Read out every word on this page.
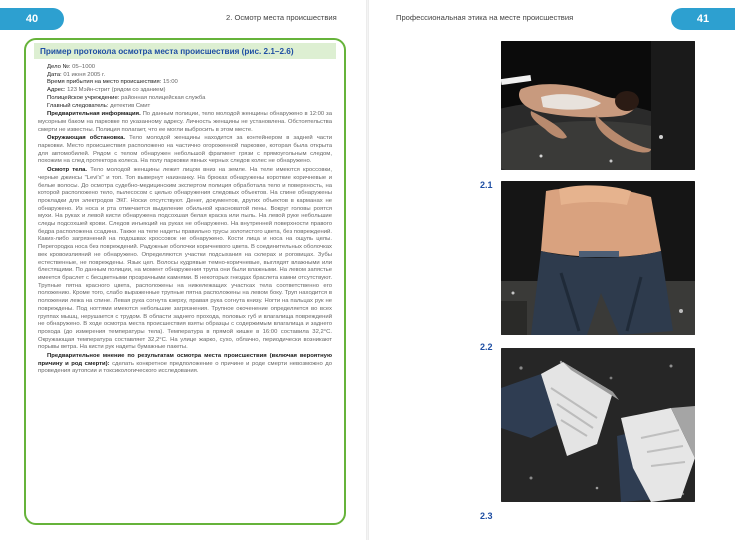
40	2. Осмотр места происшествия
Пример протокола осмотра места происшествия (рис. 2.1–2.6)

Дело №: 05–1000

Дата: 01 июня 2005 г.

Время прибытия на место происшествия: 15:00

Адрес: 123 Мэйн-стрит (рядом со зданием)

Полицейское учреждение: районная полицейская служба

Главный следователь: детектив Смит

Предварительная информация. По данным полиции, тело молодой женщины обнаружено в 12:00 за мусорным баком на парковке по указанному адресу. Личность женщины не установлена. Обстоятельства смерти не известны. Полиция полагает, что ее могли выбросить в этом месте.

Окружающая обстановка. Тело молодой женщины находится за контейнером в задней части парковки. Место происшествия расположено на частично огороженной парковке, которая была открыта для автомобилей. Рядом с телом обнаружен небольшой фрагмент грязи с прямоугольным следом, похожим на след протектора колеса. На полу парковки явных черных следов колес не обнаружено.

Осмотр тела. Тело молодой женщины лежит лицом вниз на земле. На теле имеются кроссовки, черные джинсы "Levi's" и топ. Топ вывернут наизнанку. На брюках обнаружены короткие коричневые и белые волосы. До осмотра судебно-медицинским экспертом полиция обработала тело и поверхность, на которой расположено тело, пылесосом с целью обнаружения следовых объектов. На спине обнаружены прокладки для электродов ЭКГ. Носки отсутствуют. Денег, документов, других объектов в карманах не обнаружено. Из носа и рта отмечается выделение обильной красноватой пены. Вокруг головы роятся мухи. На руках и левой кисти обнаружена подсохшая белая краска или пыль. На левой руке небольшие следы подсохшей крови. Следов инъекций на руках не обнаружено. На внутренней поверхности правого бедра расположена ссадина. Также на теле надеты правильно трусы золотистого цвета, без повреждений. Каких-либо загрязнений на подошвах кроссовок не обнаружено. Кости лица и носа на ощупь целы. Перегородка носа без повреждений. Радужные оболочки коричневого цвета. В соединительных оболочках век кровоизлияний не обнаружено. Определяются участки подсыхания на склерах и роговицах. Зубы естественные, не повреждены. Язык цел. Волосы кудрявые темно-коричневые, выглядят влажными или блестящими. По данным полиции, на момент обнаружения трупа они были влажными. На левом запястье имеется браслет с бесцветными прозрачными камнями. В некоторых гнездах браслета камни отсутствуют. Трупные пятна красного цвета, расположены на нижележащих участках тела соответственно его положению. Кроме того, слабо выраженные трупные пятна расположены на левом боку. Труп находится в положении лежа на спине. Левая рука согнута кзерху, правая рука согнута книзу. Ногти на пальцах рук не повреждены. Под ногтями имеются небольшие загрязнения. Трупное окоченение определяется во всех группах мышц, нерушается с трудом. В области заднего прохода, половых губ и влагалища повреждений не обнаружено. В ходе осмотра места происшествия взяты образцы с содержимым влагалища и заднего прохода (до измерения температуры тела). Температура в прямой кишке в 16:00 составила 32,2°C. Окружающая температура составляет 32,2°C. На улице жарко, сухо, облачно, периодически возникают порывы ветра. На кисти рук надеты бумажные пакеты.

Предварительное мнение по результатам осмотра места происшествия (включая вероятную причину и род смерти): сделать конкретное предположение о причине и роде смерти невозможно до проведения аутопсии и токсикологического исследования.

Профессиональная этика на месте происшествия	41
2.1
2.2
2.3
